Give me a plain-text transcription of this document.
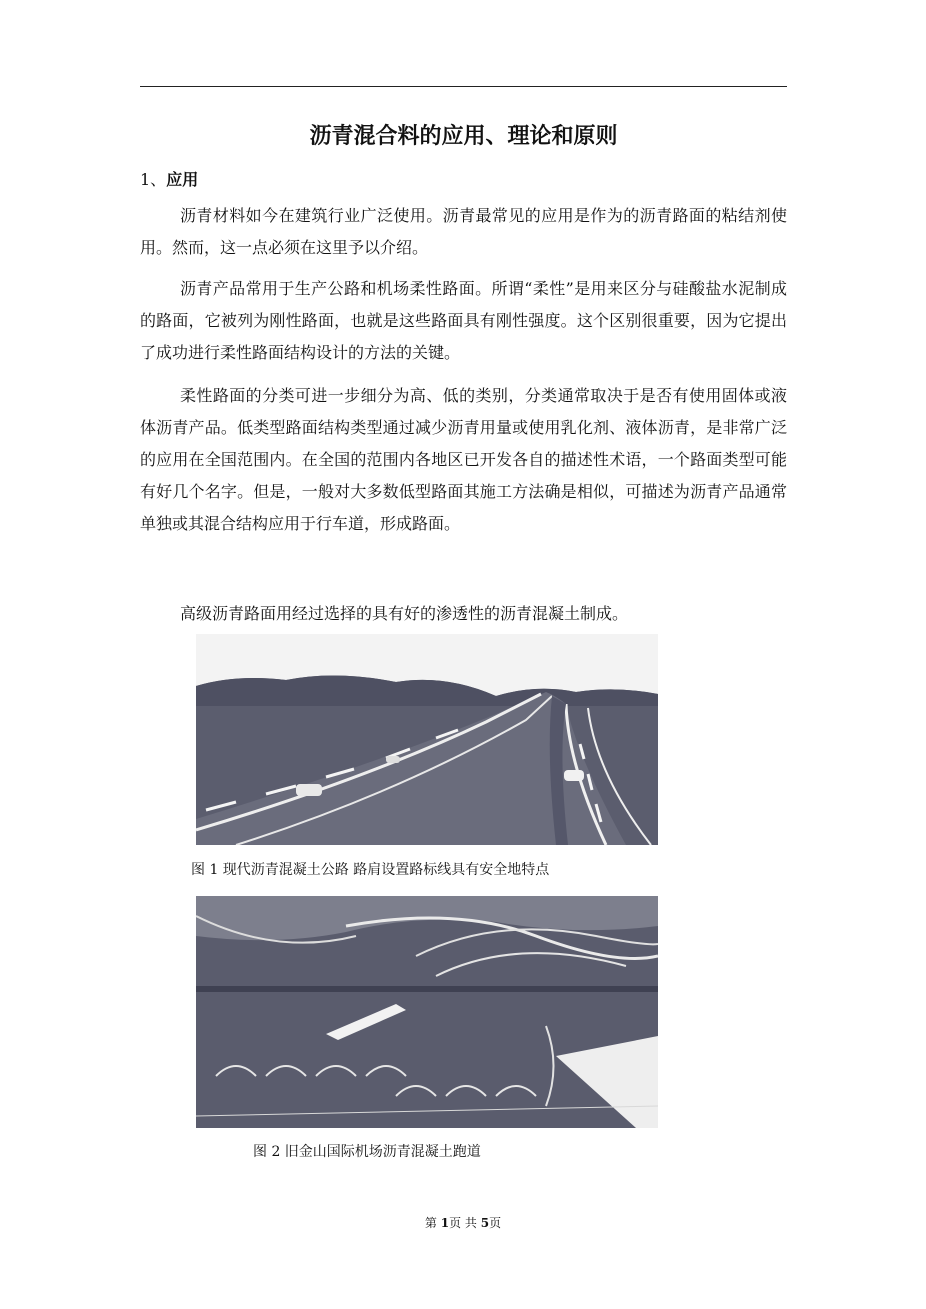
沥青混合料的应用、理论和原则
1、应用

沥青材料如今在建筑行业广泛使用。沥青最常见的应用是作为的沥青路面的粘结剂使用。然而，这一点必须在这里予以介绍。

沥青产品常用于生产公路和机场柔性路面。所谓“柔性”是用来区分与硅酸盐水泥制成的路面，它被列为刚性路面，也就是这些路面具有刚性强度。这个区别很重要，因为它提出了成功进行柔性路面结构设计的方法的关键。

柔性路面的分类可进一步细分为高、低的类别，分类通常取决于是否有使用固体或液体沥青产品。低类型路面结构类型通过减少沥青用量或使用乳化剂、液体沥青，是非常广泛的应用在全国范围内。在全国的范围内各地区已开发各自的描述性术语，一个路面类型可能有好几个名字。但是，一般对大多数低型路面其施工方法确是相似，可描述为沥青产品通常单独或其混合结构应用于行车道，形成路面。

高级沥青路面用经过选择的具有好的渗透性的沥青混凝土制成。

图 1 现代沥青混凝土公路 路肩设置路标线具有安全地特点
图 2 旧金山国际机场沥青混凝土跑道
第 1页 共 5页
